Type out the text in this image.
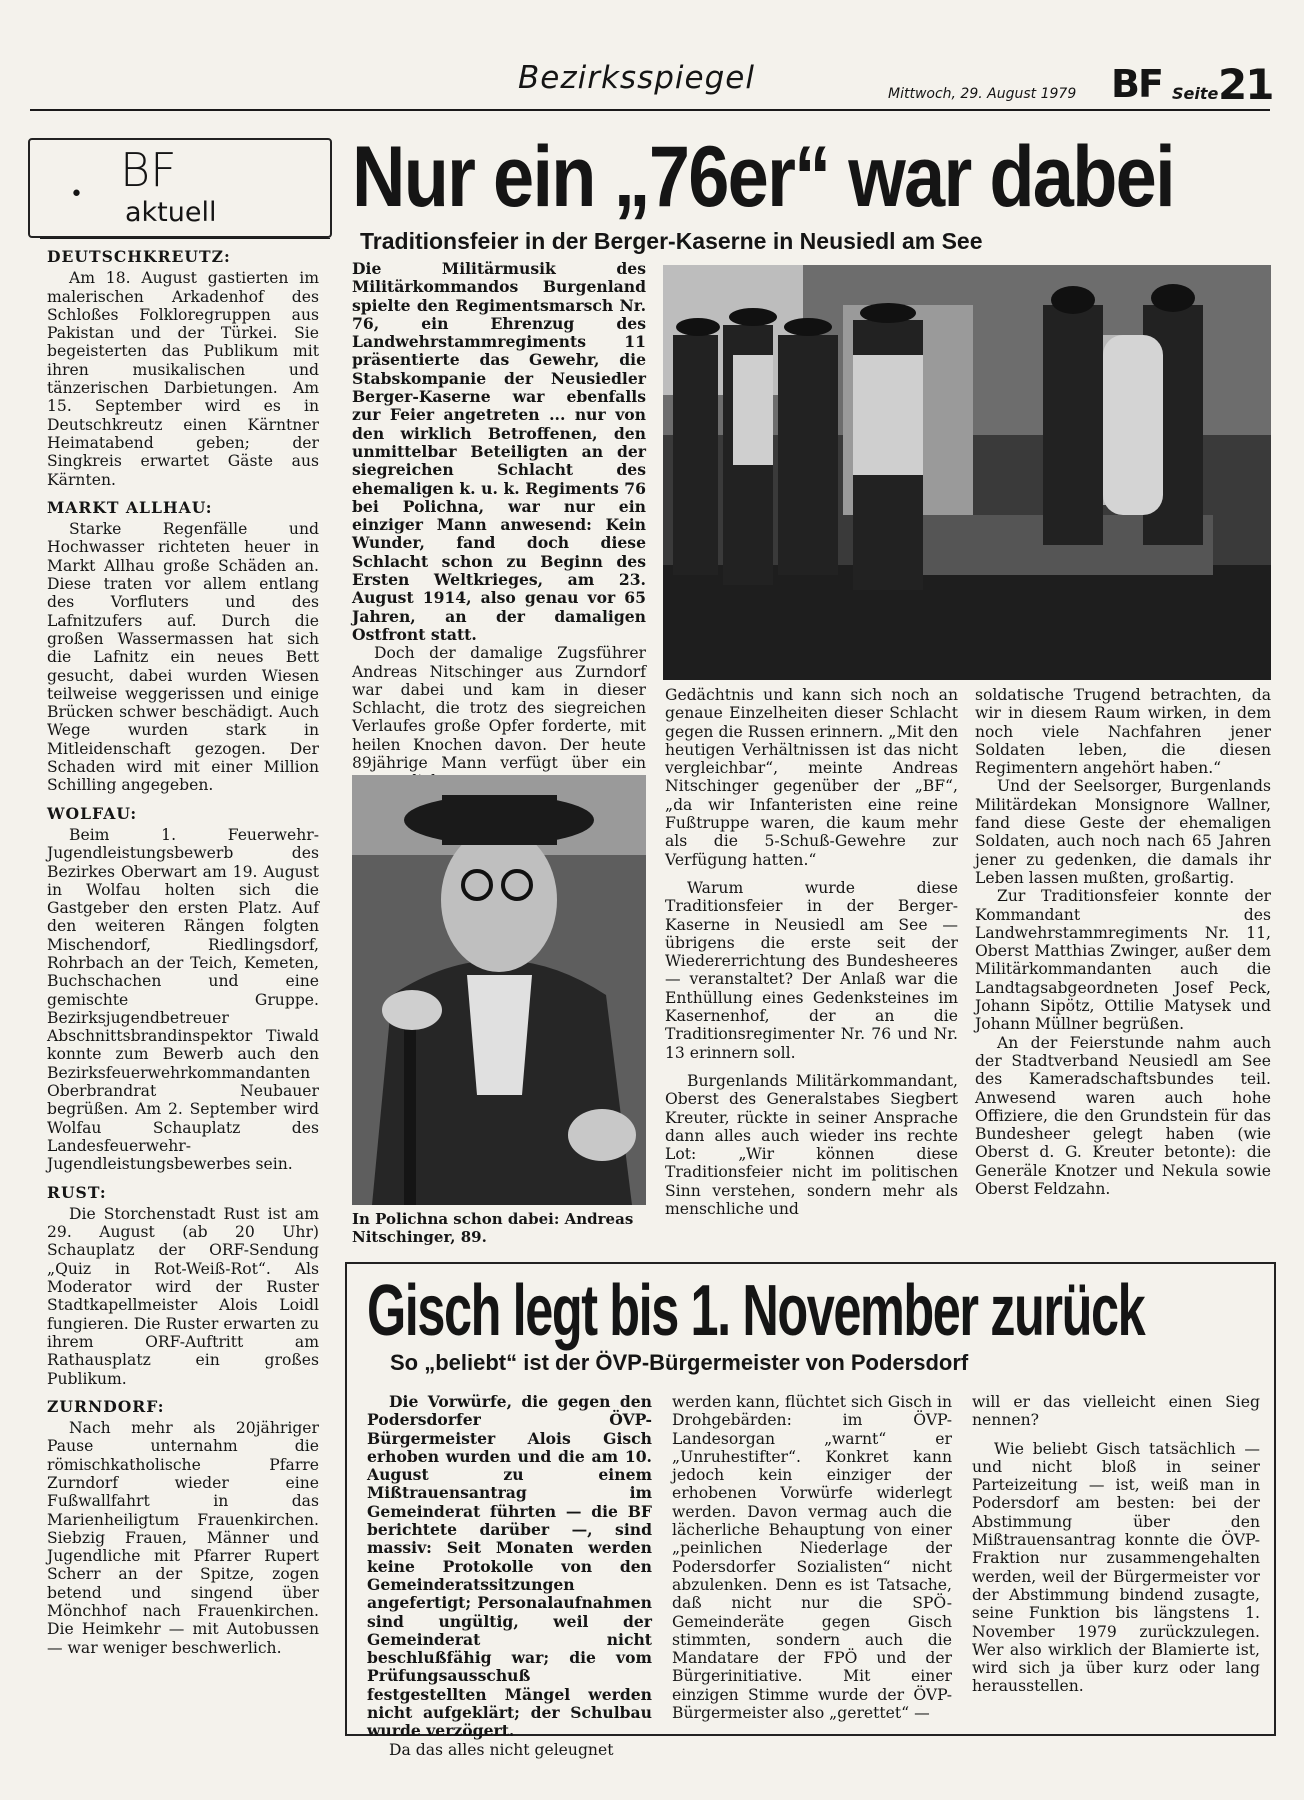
Bezirksspiegel	Mittwoch, 29. August 1979 BF Seite 21
BF
•
aktuell

DEUTSCHKREUTZ:
Am 18. August gastierten im malerischen Arkadenhof des Schloßes Folkloregruppen aus Pakistan und der Türkei. Sie begeisterten das Publikum mit ihren musikalischen und tänzerischen Darbietungen. Am 15. September wird es in Deutschkreutz einen Kärntner Heimatabend geben; der Singkreis erwartet Gäste aus Kärnten.

MARKT ALLHAU:
Starke Regenfälle und Hochwasser richteten heuer in Markt Allhau große Schäden an. Diese traten vor allem entlang des Vorfluters und des Lafnitzufers auf. Durch die großen Wassermassen hat sich die Lafnitz ein neues Bett gesucht, dabei wurden Wiesen teilweise weggerissen und einige Brücken schwer beschädigt. Auch Wege wurden stark in Mitleidenschaft gezogen. Der Schaden wird mit einer Million Schilling angegeben.

WOLFAU:
Beim 1. Feuerwehr-Jugendleistungsbewerb des Bezirkes Oberwart am 19. August in Wolfau holten sich die Gastgeber den ersten Platz. Auf den weiteren Rängen folgten Mischendorf, Riedlingsdorf, Rohrbach an der Teich, Kemeten, Buchschachen und eine gemischte Gruppe. Bezirksjugendbetreuer Abschnittsbrandinspektor Tiwald konnte zum Bewerb auch den Bezirksfeuerwehrkommandanten Oberbrandrat Neubauer begrüßen. Am 2. September wird Wolfau Schauplatz des Landesfeuerwehr-Jugendleistungsbewerbes sein.

RUST:
Die Storchenstadt Rust ist am 29. August (ab 20 Uhr) Schauplatz der ORF-Sendung „Quiz in Rot-Weiß-Rot“. Als Moderator wird der Ruster Stadtkapellmeister Alois Loidl fungieren. Die Ruster erwarten zu ihrem ORF-Auftritt am Rathausplatz ein großes Publikum.

ZURNDORF:
Nach mehr als 20jähriger Pause unternahm die römischkatholische Pfarre Zurndorf wieder eine Fußwallfahrt in das Marienheiligtum Frauenkirchen. Siebzig Frauen, Männer und Jugendliche mit Pfarrer Rupert Scherr an der Spitze, zogen betend und singend über Mönchhof nach Frauenkirchen. Die Heimkehr — mit Autobussen — war weniger beschwerlich.

Nur ein „76er“ war dabei
Traditionsfeier in der Berger-Kaserne in Neusiedl am See

Die Militärmusik des Militärkommandos Burgenland spielte den Regimentsmarsch Nr. 76, ein Ehrenzug des Landwehrstammregiments 11 präsentierte das Gewehr, die Stabskompanie der Neusiedler Berger-Kaserne war ebenfalls zur Feier angetreten ... nur von den wirklich Betroffenen, den unmittelbar Beteiligten an der siegreichen Schlacht des ehemaligen k. u. k. Regiments 76 bei Polichna, war nur ein einziger Mann anwesend: Kein Wunder, fand doch diese Schlacht schon zu Beginn des Ersten Weltkrieges, am 23. August 1914, also genau vor 65 Jahren, an der damaligen Ostfront statt.

Doch der damalige Zugsführer Andreas Nitschinger aus Zurndorf war dabei und kam in dieser Schlacht, die trotz des siegreichen Verlaufes große Opfer forderte, mit heilen Knochen davon. Der heute 89jährige Mann verfügt über ein

In Polichna schon dabei: Andreas Nitschinger, 89.

Gedächtnis und kann sich noch an genaue Einzelheiten dieser Schlacht gegen die Russen erinnern. „Mit den heutigen Verhältnissen ist das nicht vergleichbar“, meinte Andreas Nitschinger gegenüber der „BF“, „da wir Infanteristen eine reine Fußtruppe waren, die kaum mehr als die 5-Schuß-Gewehre zur Verfügung hatten.“

Warum wurde diese Traditionsfeier in der Berger-Kaserne in Neusiedl am See — übrigens die erste seit der Wiedererrichtung des Bundesheeres — veranstaltet? Der Anlaß war die Enthüllung eines Gedenksteines im Kasernenhof, der an die Traditionsregimenter Nr. 76 und Nr. 13 erinnern soll.

Burgenlands Militärkommandant, Oberst des Generalstabes Siegbert Kreuter, rückte in seiner Ansprache dann alles auch wieder ins rechte Lot: „Wir können diese Traditionsfeier nicht im politischen Sinn verstehen, sondern mehr als menschliche und

soldatische Trugend betrachten, da wir in diesem Raum wirken, in dem noch viele Nachfahren jener Soldaten leben, die diesen Regimentern angehört haben.“

Und der Seelsorger, Burgenlands Militärdekan Monsignore Wallner, fand diese Geste der ehemaligen Soldaten, auch noch nach 65 Jahren jener zu gedenken, die damals ihr Leben lassen mußten, großartig.

Zur Traditionsfeier konnte der Kommandant des Landwehrstammregiments Nr. 11, Oberst Matthias Zwinger, außer dem Militärkommandanten auch die Landtagsabgeordneten Josef Peck, Johann Sipötz, Ottilie Matysek und Johann Müllner begrüßen.

An der Feierstunde nahm auch der Stadtverband Neusiedl am See des Kameradschaftsbundes teil. Anwesend waren auch hohe Offiziere, die den Grundstein für das Bundesheer gelegt haben (wie Oberst d. G. Kreuter betonte): die Generäle Knotzer und Nekula sowie Oberst Feldzahn.

Gisch legt bis 1. November zurück
So „beliebt“ ist der ÖVP-Bürgermeister von Podersdorf

Die Vorwürfe, die gegen den Podersdorfer ÖVP-Bürgermeister Alois Gisch erhoben wurden und die am 10. August zu einem Mißtrauensantrag im Gemeinderat führten — die BF berichtete darüber —, sind massiv: Seit Monaten werden keine Protokolle von den Gemeinderatssitzungen angefertigt; Personalaufnahmen sind ungültig, weil der Gemeinderat nicht beschlußfähig war; die vom Prüfungsausschuß festgestellten Mängel werden nicht aufgeklärt; der Schulbau wurde verzögert.

Da das alles nicht geleugnet

werden kann, flüchtet sich Gisch in Drohgebärden: im ÖVP-Landesorgan „warnt“ er „Unruhestifter“. Konkret kann jedoch kein einziger der erhobenen Vorwürfe widerlegt werden. Davon vermag auch die lächerliche Behauptung von einer „peinlichen Niederlage der Podersdorfer Sozialisten“ nicht abzulenken. Denn es ist Tatsache, daß nicht nur die SPÖ-Gemeinderäte gegen Gisch stimmten, sondern auch die Mandatare der FPÖ und der Bürgerinitiative. Mit einer einzigen Stimme wurde der ÖVP-Bürgermeister also „gerettet“ —

will er das vielleicht einen Sieg nennen?

Wie beliebt Gisch tatsächlich — und nicht bloß in seiner Parteizeitung — ist, weiß man in Podersdorf am besten: bei der Abstimmung über den Mißtrauensantrag konnte die ÖVP-Fraktion nur zusammengehalten werden, weil der Bürgermeister vor der Abstimmung bindend zusagte, seine Funktion bis längstens 1. November 1979 zurückzulegen. Wer also wirklich der Blamierte ist, wird sich ja über kurz oder lang herausstellen.
